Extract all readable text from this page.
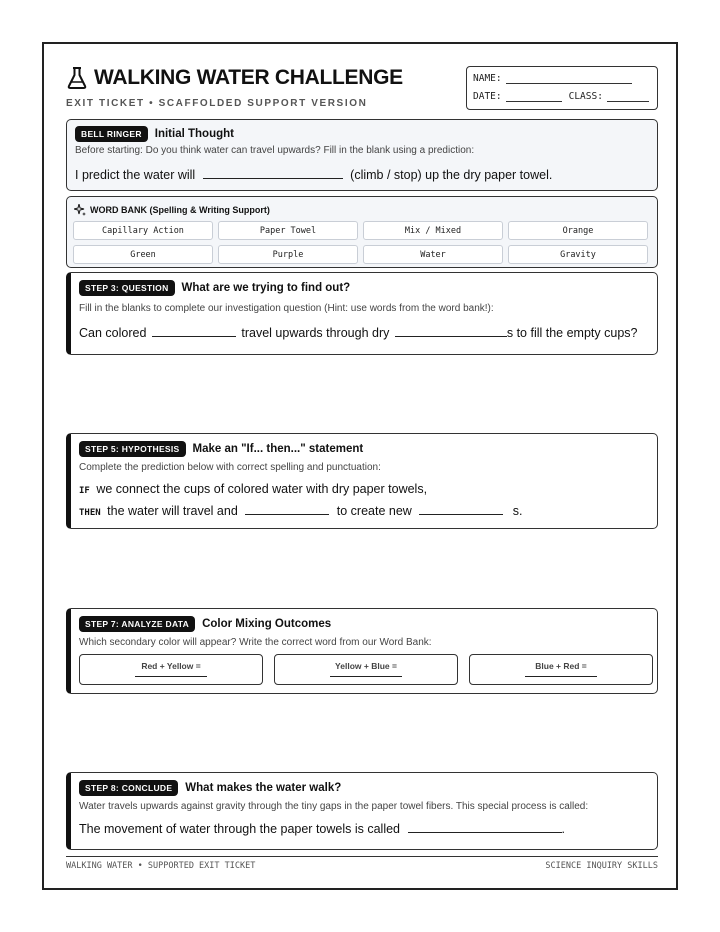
WALKING WATER CHALLENGE
EXIT TICKET • SCAFFOLDED SUPPORT VERSION
NAME:
DATE:	CLASS:
BELL RINGER	Initial Thought
Before starting: Do you think water can travel upwards? Fill in the blank using a prediction:
I predict the water will	(climb / stop) up the dry paper towel.
WORD BANK (Spelling & Writing Support)
Capillary Action	Paper Towel	Mix / Mixed	Orange
Green	Purple	Water	Gravity
STEP 3: QUESTION	What are we trying to find out?
Fill in the blanks to complete our investigation question (Hint: use words from the word bank!):
Can colored	travel upwards through dry	s to fill the empty cups?
STEP 5: HYPOTHESIS	Make an "If... then..." statement
Complete the prediction below with correct spelling and punctuation:
IF we connect the cups of colored water with dry paper towels,
THEN the water will travel and	to create new	s.
STEP 7: ANALYZE DATA	Color Mixing Outcomes
Which secondary color will appear? Write the correct word from our Word Bank:
Red + Yellow =	Yellow + Blue =	Blue + Red =
STEP 8: CONCLUDE	What makes the water walk?
Water travels upwards against gravity through the tiny gaps in the paper towel fibers. This special process is called:
The movement of water through the paper towels is called	.
WALKING WATER • SUPPORTED EXIT TICKET	SCIENCE INQUIRY SKILLS
